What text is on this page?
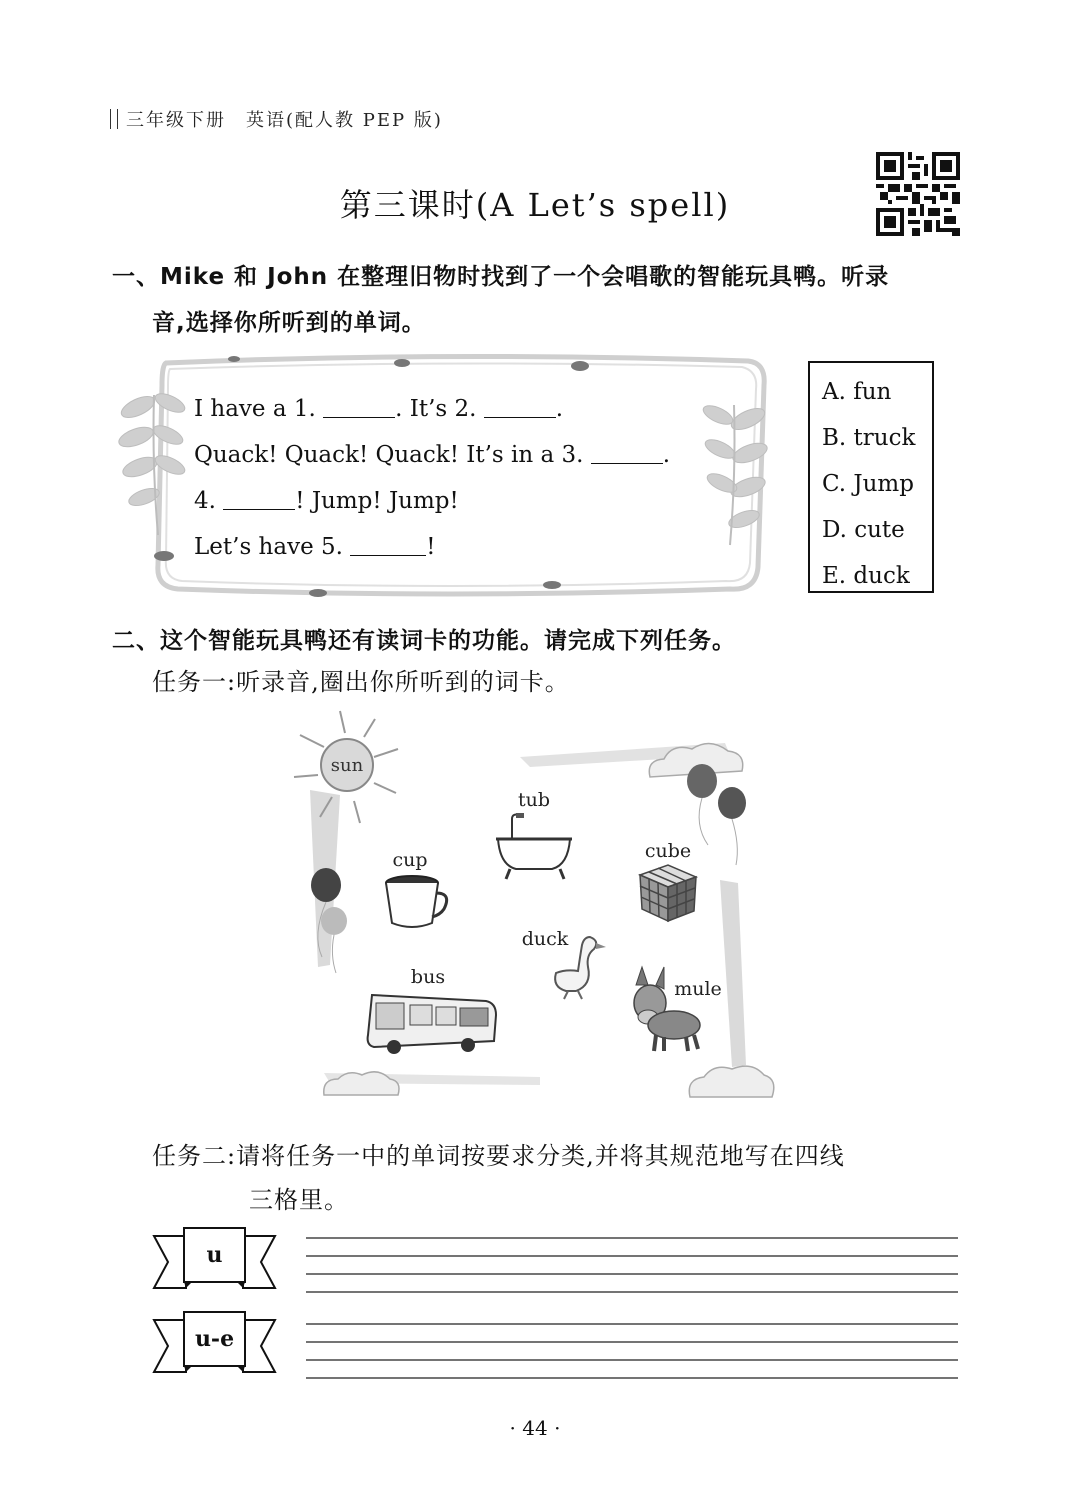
三年级下册　英语(配人教 PEP 版)
第三课时(A Let’s spell)
一、Mike 和 John 在整理旧物时找到了一个会唱歌的智能玩具鸭。听录
音,选择你所听到的单词。
I have a 1.	. It’s 2.	.
Quack! Quack! Quack! It’s in a 3.	.
4.	! Jump! Jump!
Let’s have 5.	!
A. fun
B. truck
C. Jump
D. cute
E. duck
二、这个智能玩具鸭还有读词卡的功能。请完成下列任务。
任务一:听录音,圈出你所听到的词卡。
sun
tub
cup	cube
duck
bus
mule
任务二:请将任务一中的单词按要求分类,并将其规范地写在四线
三格里。
u
u-e
· 44 ·
